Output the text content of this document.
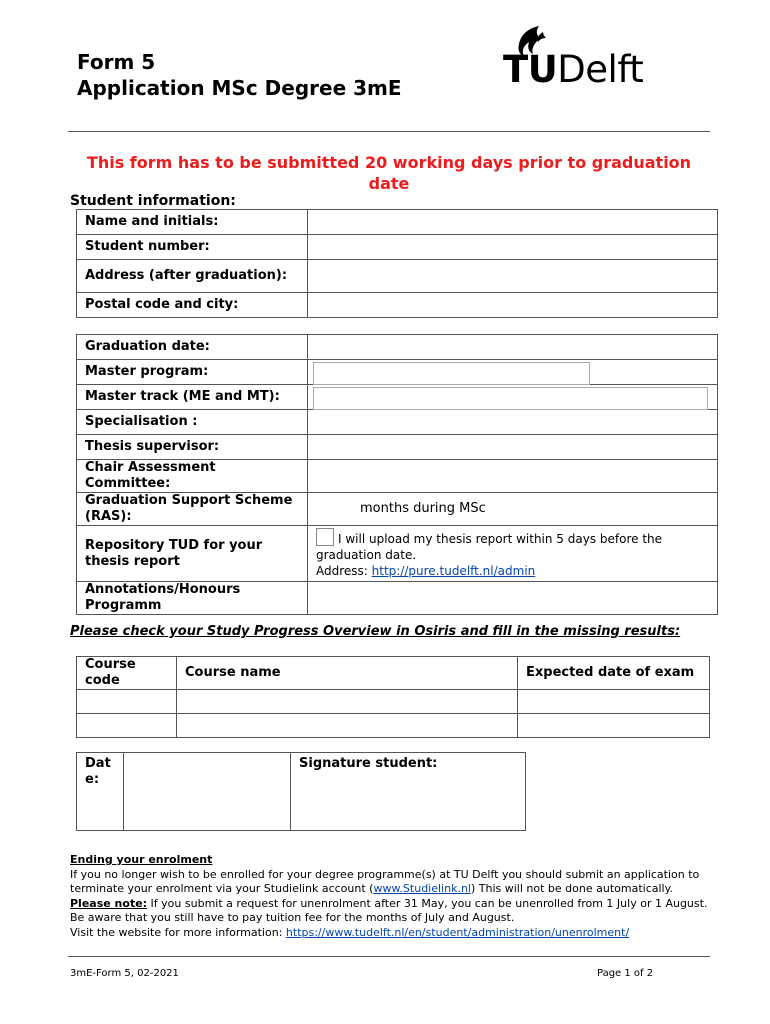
Form 5
Application MSc Degree 3mE	TUDelft
This form has to be submitted 20 working days prior to graduation date
Student information:
Name and initials:	
Student number:	
Address (after graduation):	
Postal code and city:	
Graduation date:	
Master program:	
Master track (ME and MT):	
Specialisation :	
Thesis supervisor:	
Chair Assessment Committee:	
Graduation Support Scheme (RAS):	months during MSc
Repository TUD for your thesis report	I will upload my thesis report within 5 days before the graduation date.
Address: http://pure.tudelft.nl/admin
Annotations/Honours Programm	
Please check your Study Progress Overview in Osiris and fill in the missing results:
Course code	Course name	Expected date of exam

Date:		Signature student:
Ending your enrolment
If you no longer wish to be enrolled for your degree programme(s) at TU Delft you should submit an application to terminate your enrolment via your Studielink account (www.Studielink.nl) This will not be done automatically.
Please note: If you submit a request for unenrolment after 31 May, you can be unenrolled from 1 July or 1 August. Be aware that you still have to pay tuition fee for the months of July and August.
Visit the website for more information: https://www.tudelft.nl/en/student/administration/unenrolment/
3mE-Form 5, 02-2021	Page 1 of 2
